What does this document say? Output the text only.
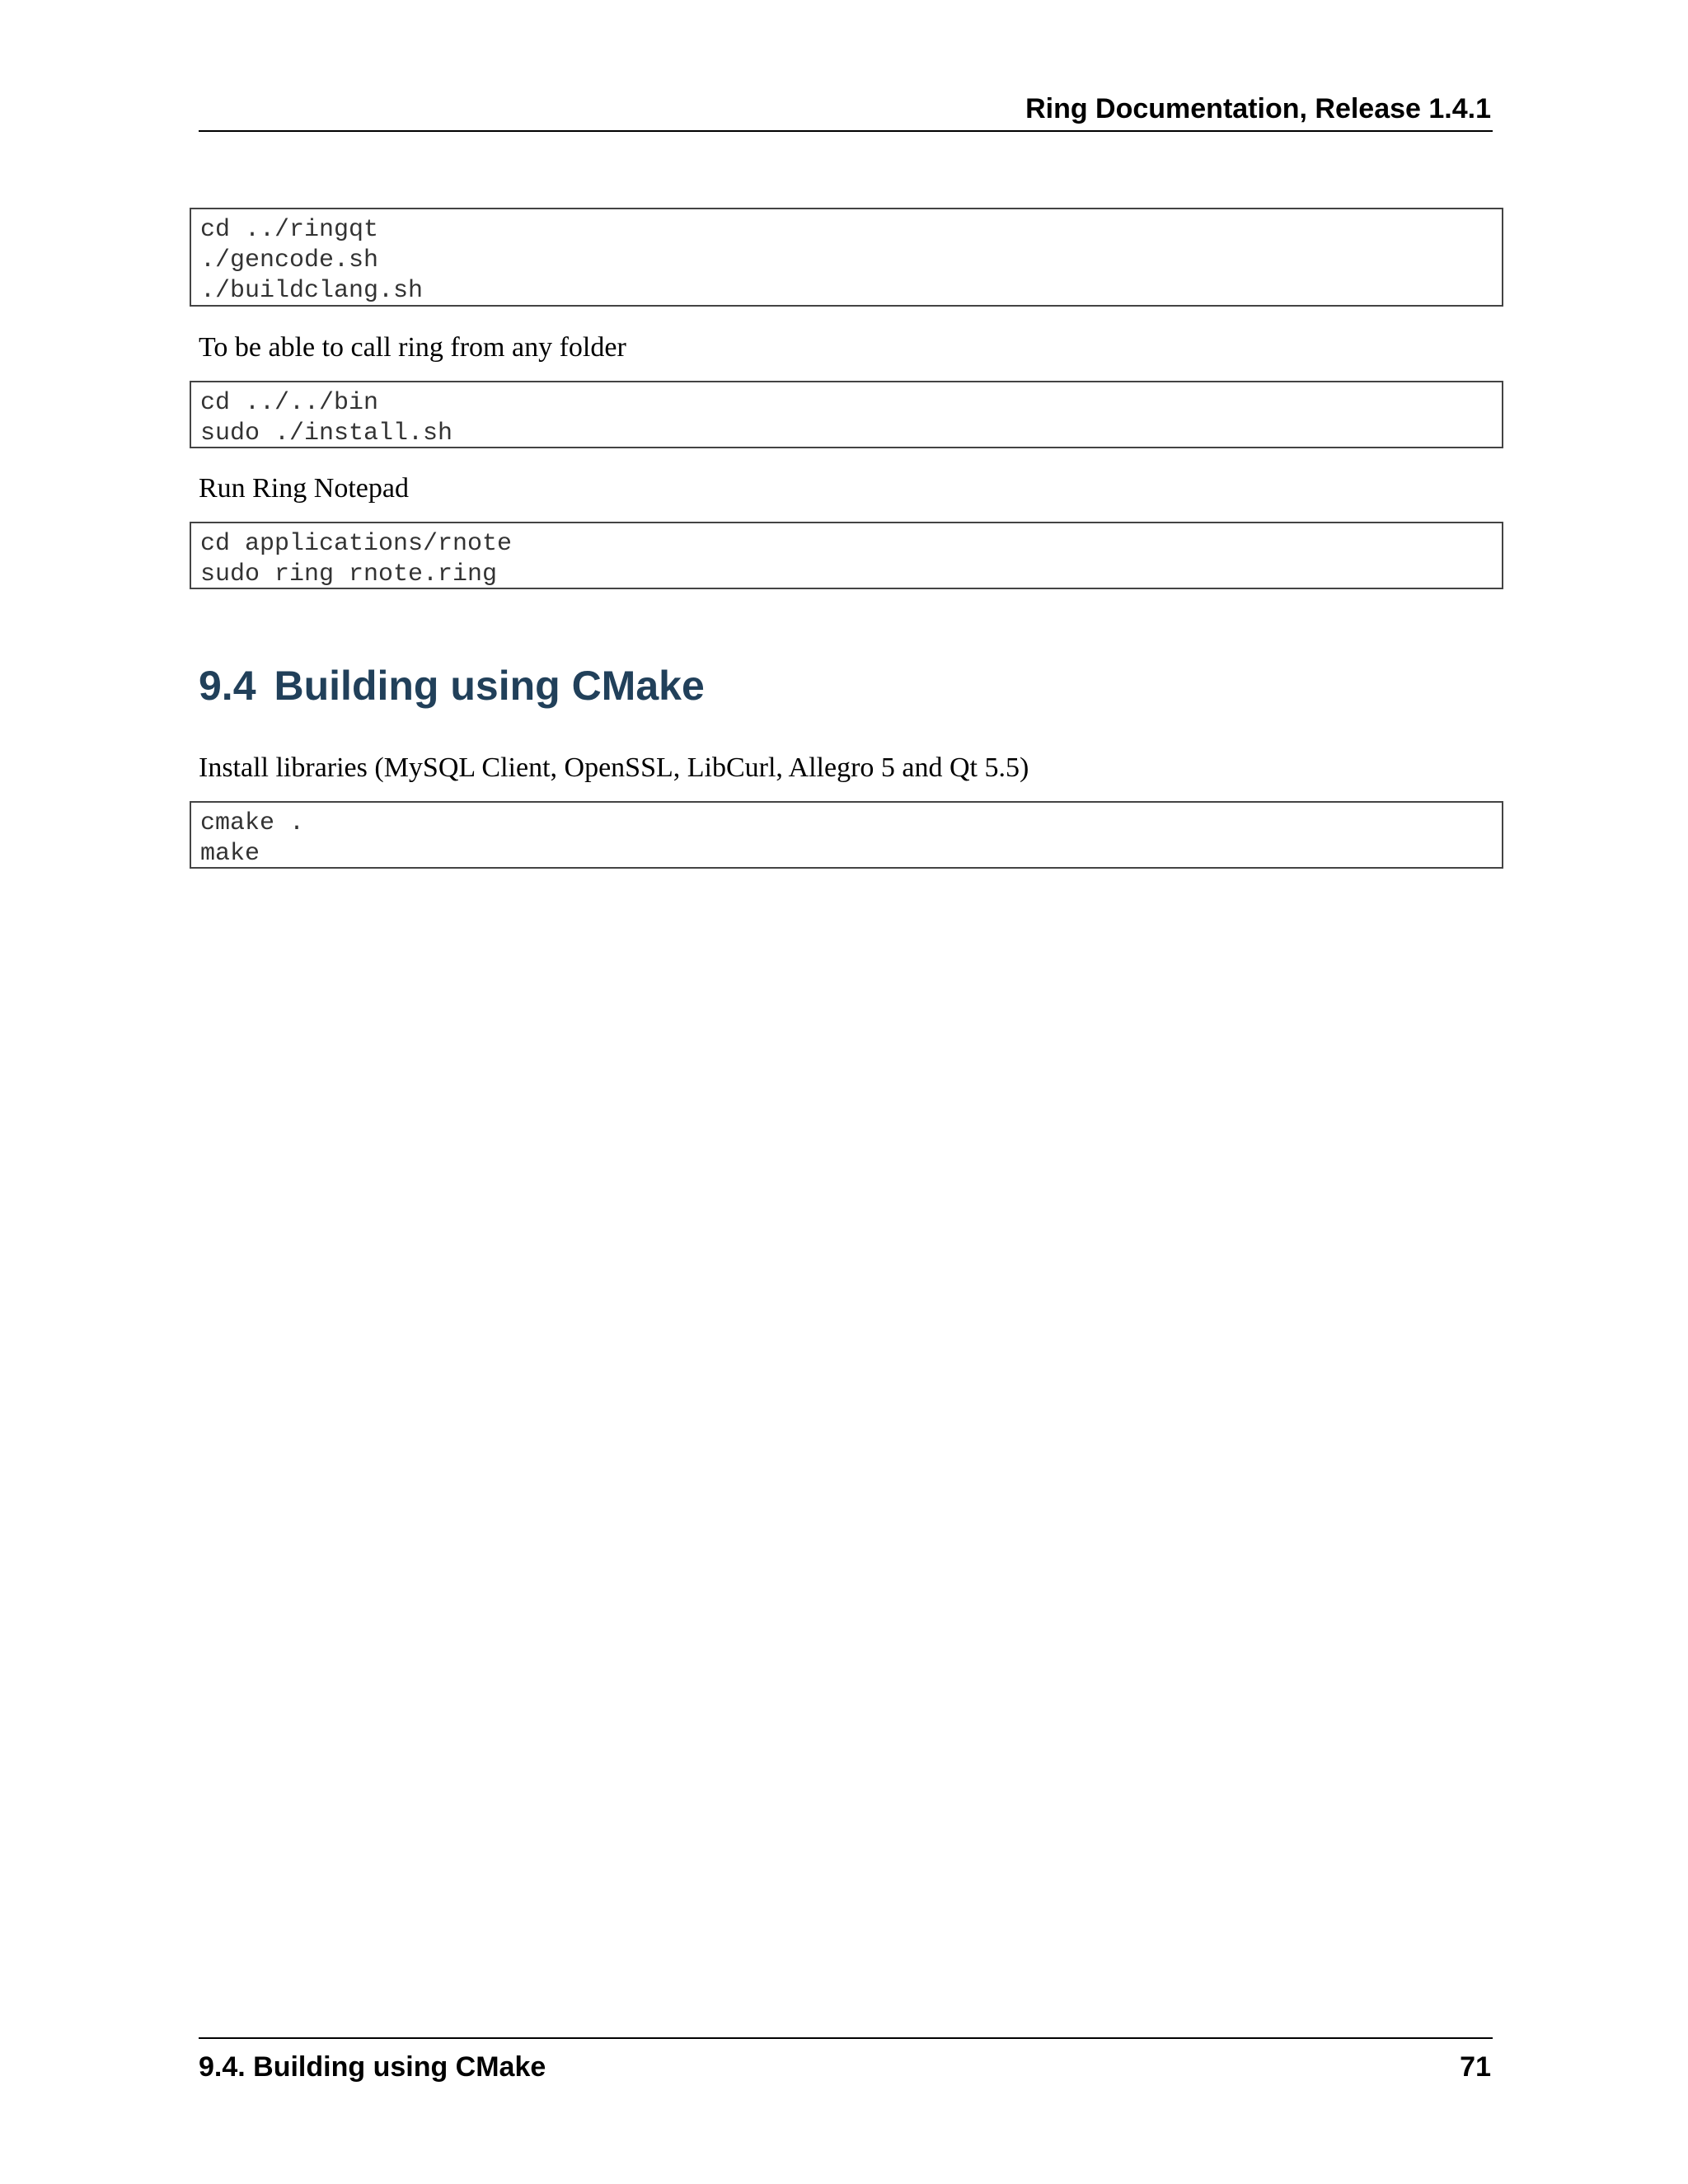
Ring Documentation, Release 1.4.1
cd ../ringqt
./gencode.sh
./buildclang.sh
To be able to call ring from any folder
cd ../../bin
sudo ./install.sh
Run Ring Notepad
cd applications/rnote
sudo ring rnote.ring
9.4 Building using CMake
Install libraries (MySQL Client, OpenSSL, LibCurl, Allegro 5 and Qt 5.5)
cmake .
make
9.4. Building using CMake	71
